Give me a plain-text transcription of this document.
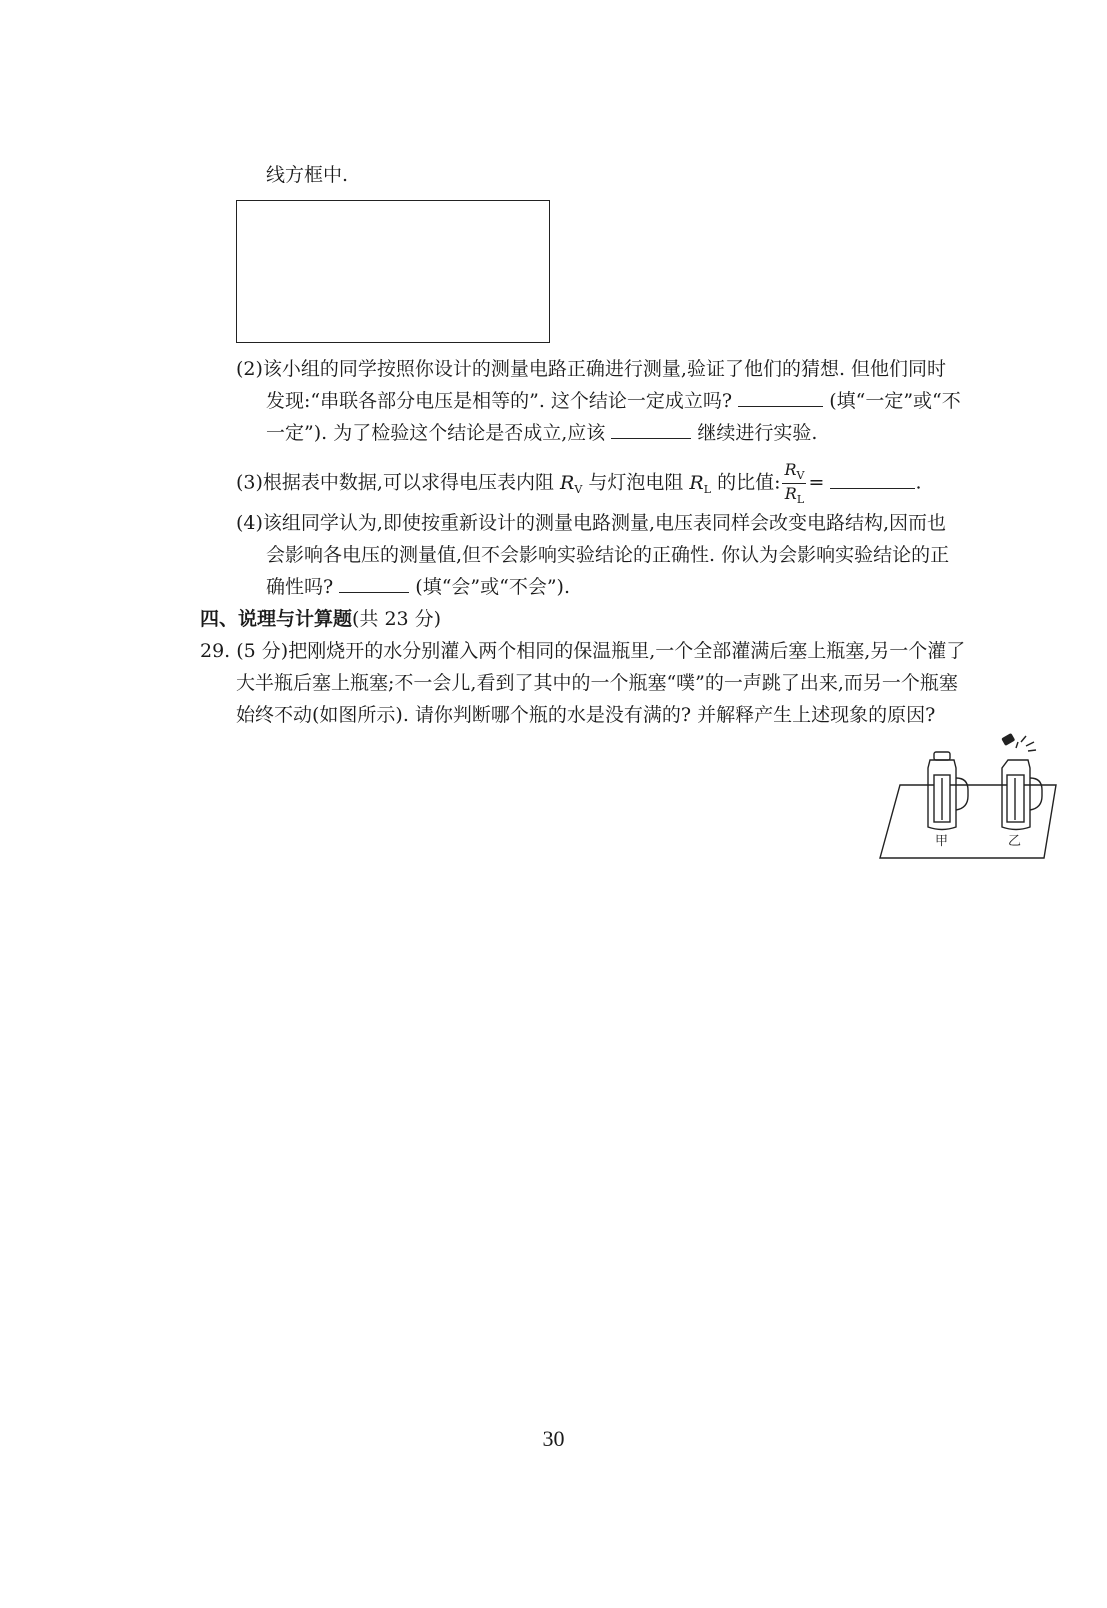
线方框中.
(2)该小组的同学按照你设计的测量电路正确进行测量,验证了他们的猜想. 但他们同时
发现:“串联各部分电压是相等的”. 这个结论一定成立吗?	(填“一定”或“不
一定”). 为了检验这个结论是否成立,应该	继续进行实验.
(3)根据表中数据,可以求得电压表内阻 $R_V$ 与灯泡电阻 $R_L$ 的比值: $\frac{R_V}{R_L}$ =	.
(4)该组同学认为,即使按重新设计的测量电路测量,电压表同样会改变电路结构,因而也
会影响各电压的测量值,但不会影响实验结论的正确性. 你认为会影响实验结论的正
确性吗?	(填“会”或“不会”).
四、说理与计算题(共 23 分)
29. (5 分)把刚烧开的水分别灌入两个相同的保温瓶里,一个全部灌满后塞上瓶塞,另一个灌了
大半瓶后塞上瓶塞;不一会儿,看到了其中的一个瓶塞“噗”的一声跳了出来,而另一个瓶塞
始终不动(如图所示). 请你判断哪个瓶的水是没有满的? 并解释产生上述现象的原因?
甲	乙
30
